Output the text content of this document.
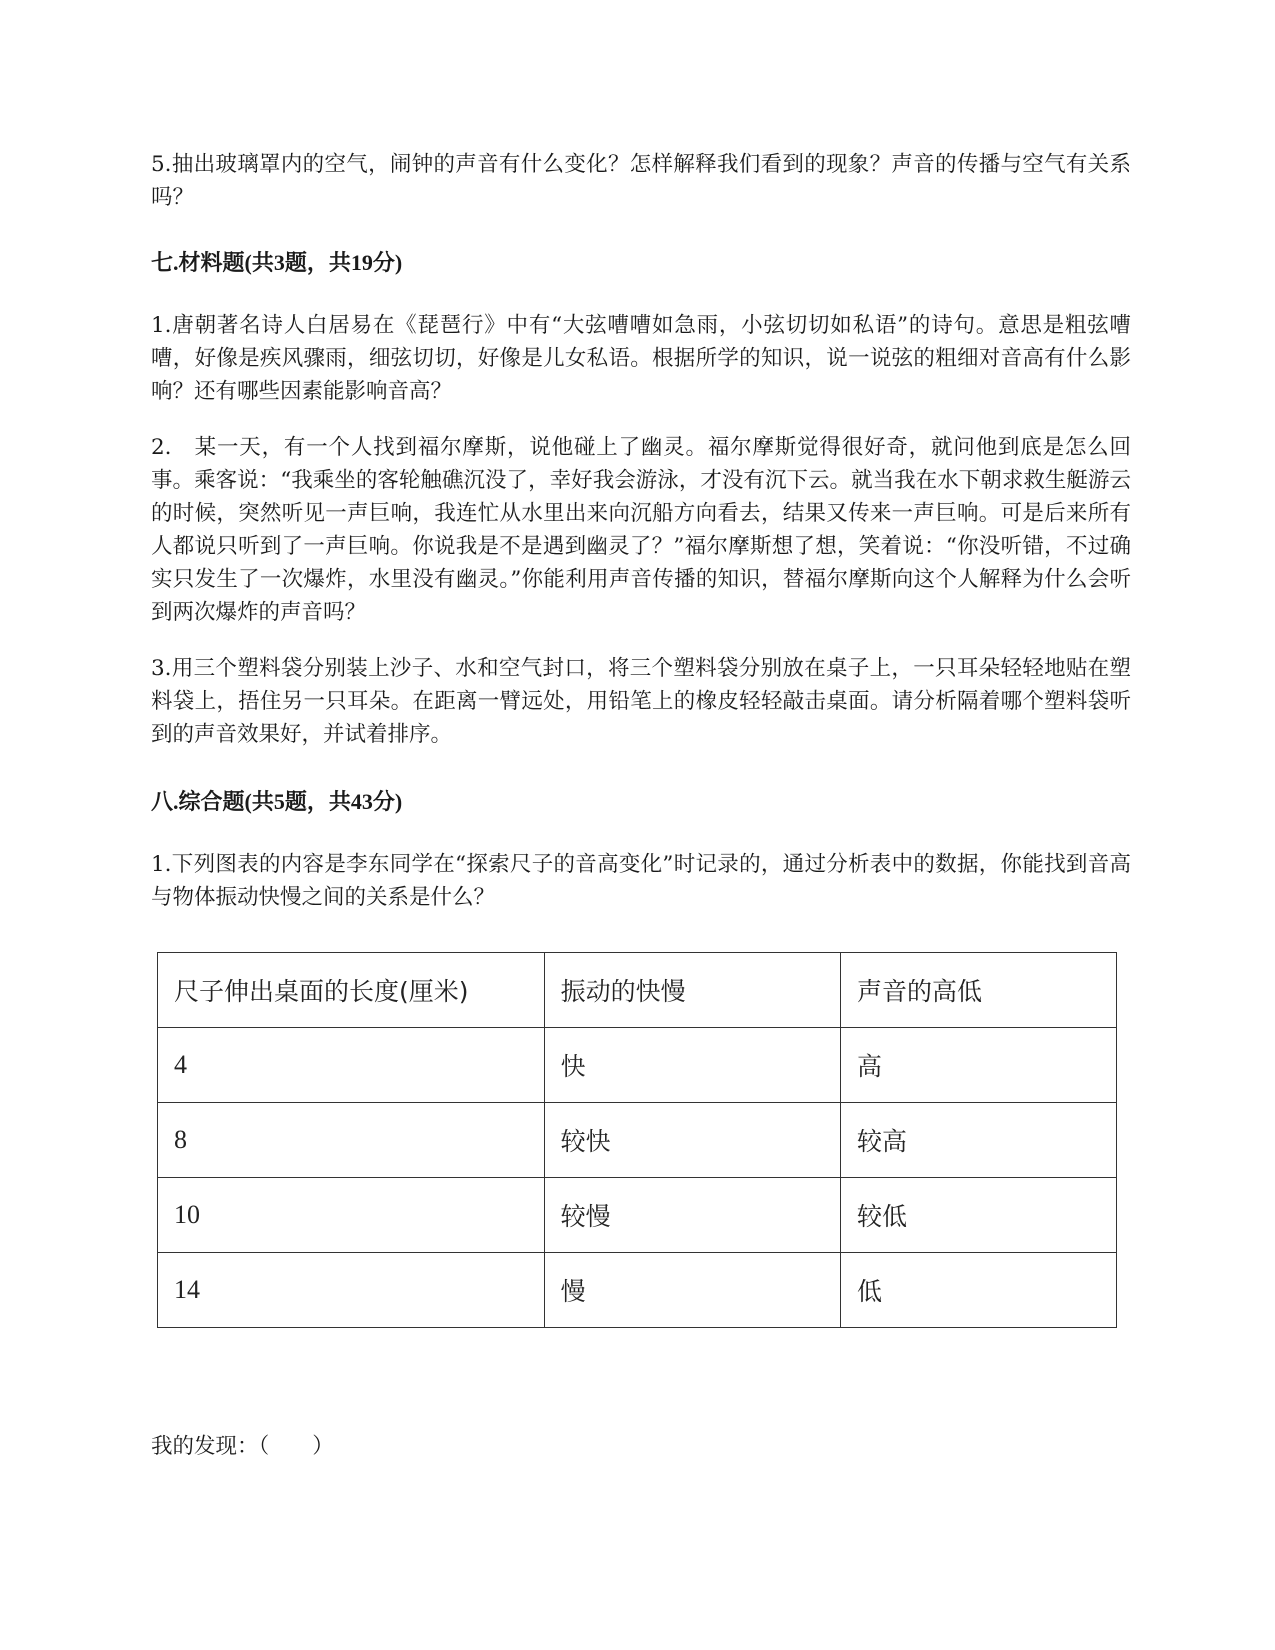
5.抽出玻璃罩内的空气，闹钟的声音有什么变化？怎样解释我们看到的现象？声音的传播与空气有关系吗？

七.材料题(共3题，共19分)

1.唐朝著名诗人白居易在《琵琶行》中有“大弦嘈嘈如急雨，小弦切切如私语”的诗句。意思是粗弦嘈嘈，好像是疾风骤雨，细弦切切，好像是儿女私语。根据所学的知识，说一说弦的粗细对音高有什么影响？还有哪些因素能影响音高？

2.　某一天，有一个人找到福尔摩斯，说他碰上了幽灵。福尔摩斯觉得很好奇，就问他到底是怎么回事。乘客说：“我乘坐的客轮触礁沉没了，幸好我会游泳，才没有沉下云。就当我在水下朝求救生艇游云的时候，突然听见一声巨响，我连忙从水里出来向沉船方向看去，结果又传来一声巨响。可是后来所有人都说只听到了一声巨响。你说我是不是遇到幽灵了？”福尔摩斯想了想，笑着说：“你没听错，不过确实只发生了一次爆炸，水里没有幽灵。”你能利用声音传播的知识，替福尔摩斯向这个人解释为什么会听到两次爆炸的声音吗？

3.用三个塑料袋分别装上沙子、水和空气封口，将三个塑料袋分别放在桌子上，一只耳朵轻轻地贴在塑料袋上，捂住另一只耳朵。在距离一臂远处，用铅笔上的橡皮轻轻敲击桌面。请分析隔着哪个塑料袋听到的声音效果好，并试着排序。

八.综合题(共5题，共43分)

1.下列图表的内容是李东同学在“探索尺子的音高变化”时记录的，通过分析表中的数据，你能找到音高与物体振动快慢之间的关系是什么？

尺子伸出桌面的长度(厘米)	振动的快慢	声音的高低
4	快	高
8	较快	较高
10	较慢	较低
14	慢	低

我的发现：（　　）
